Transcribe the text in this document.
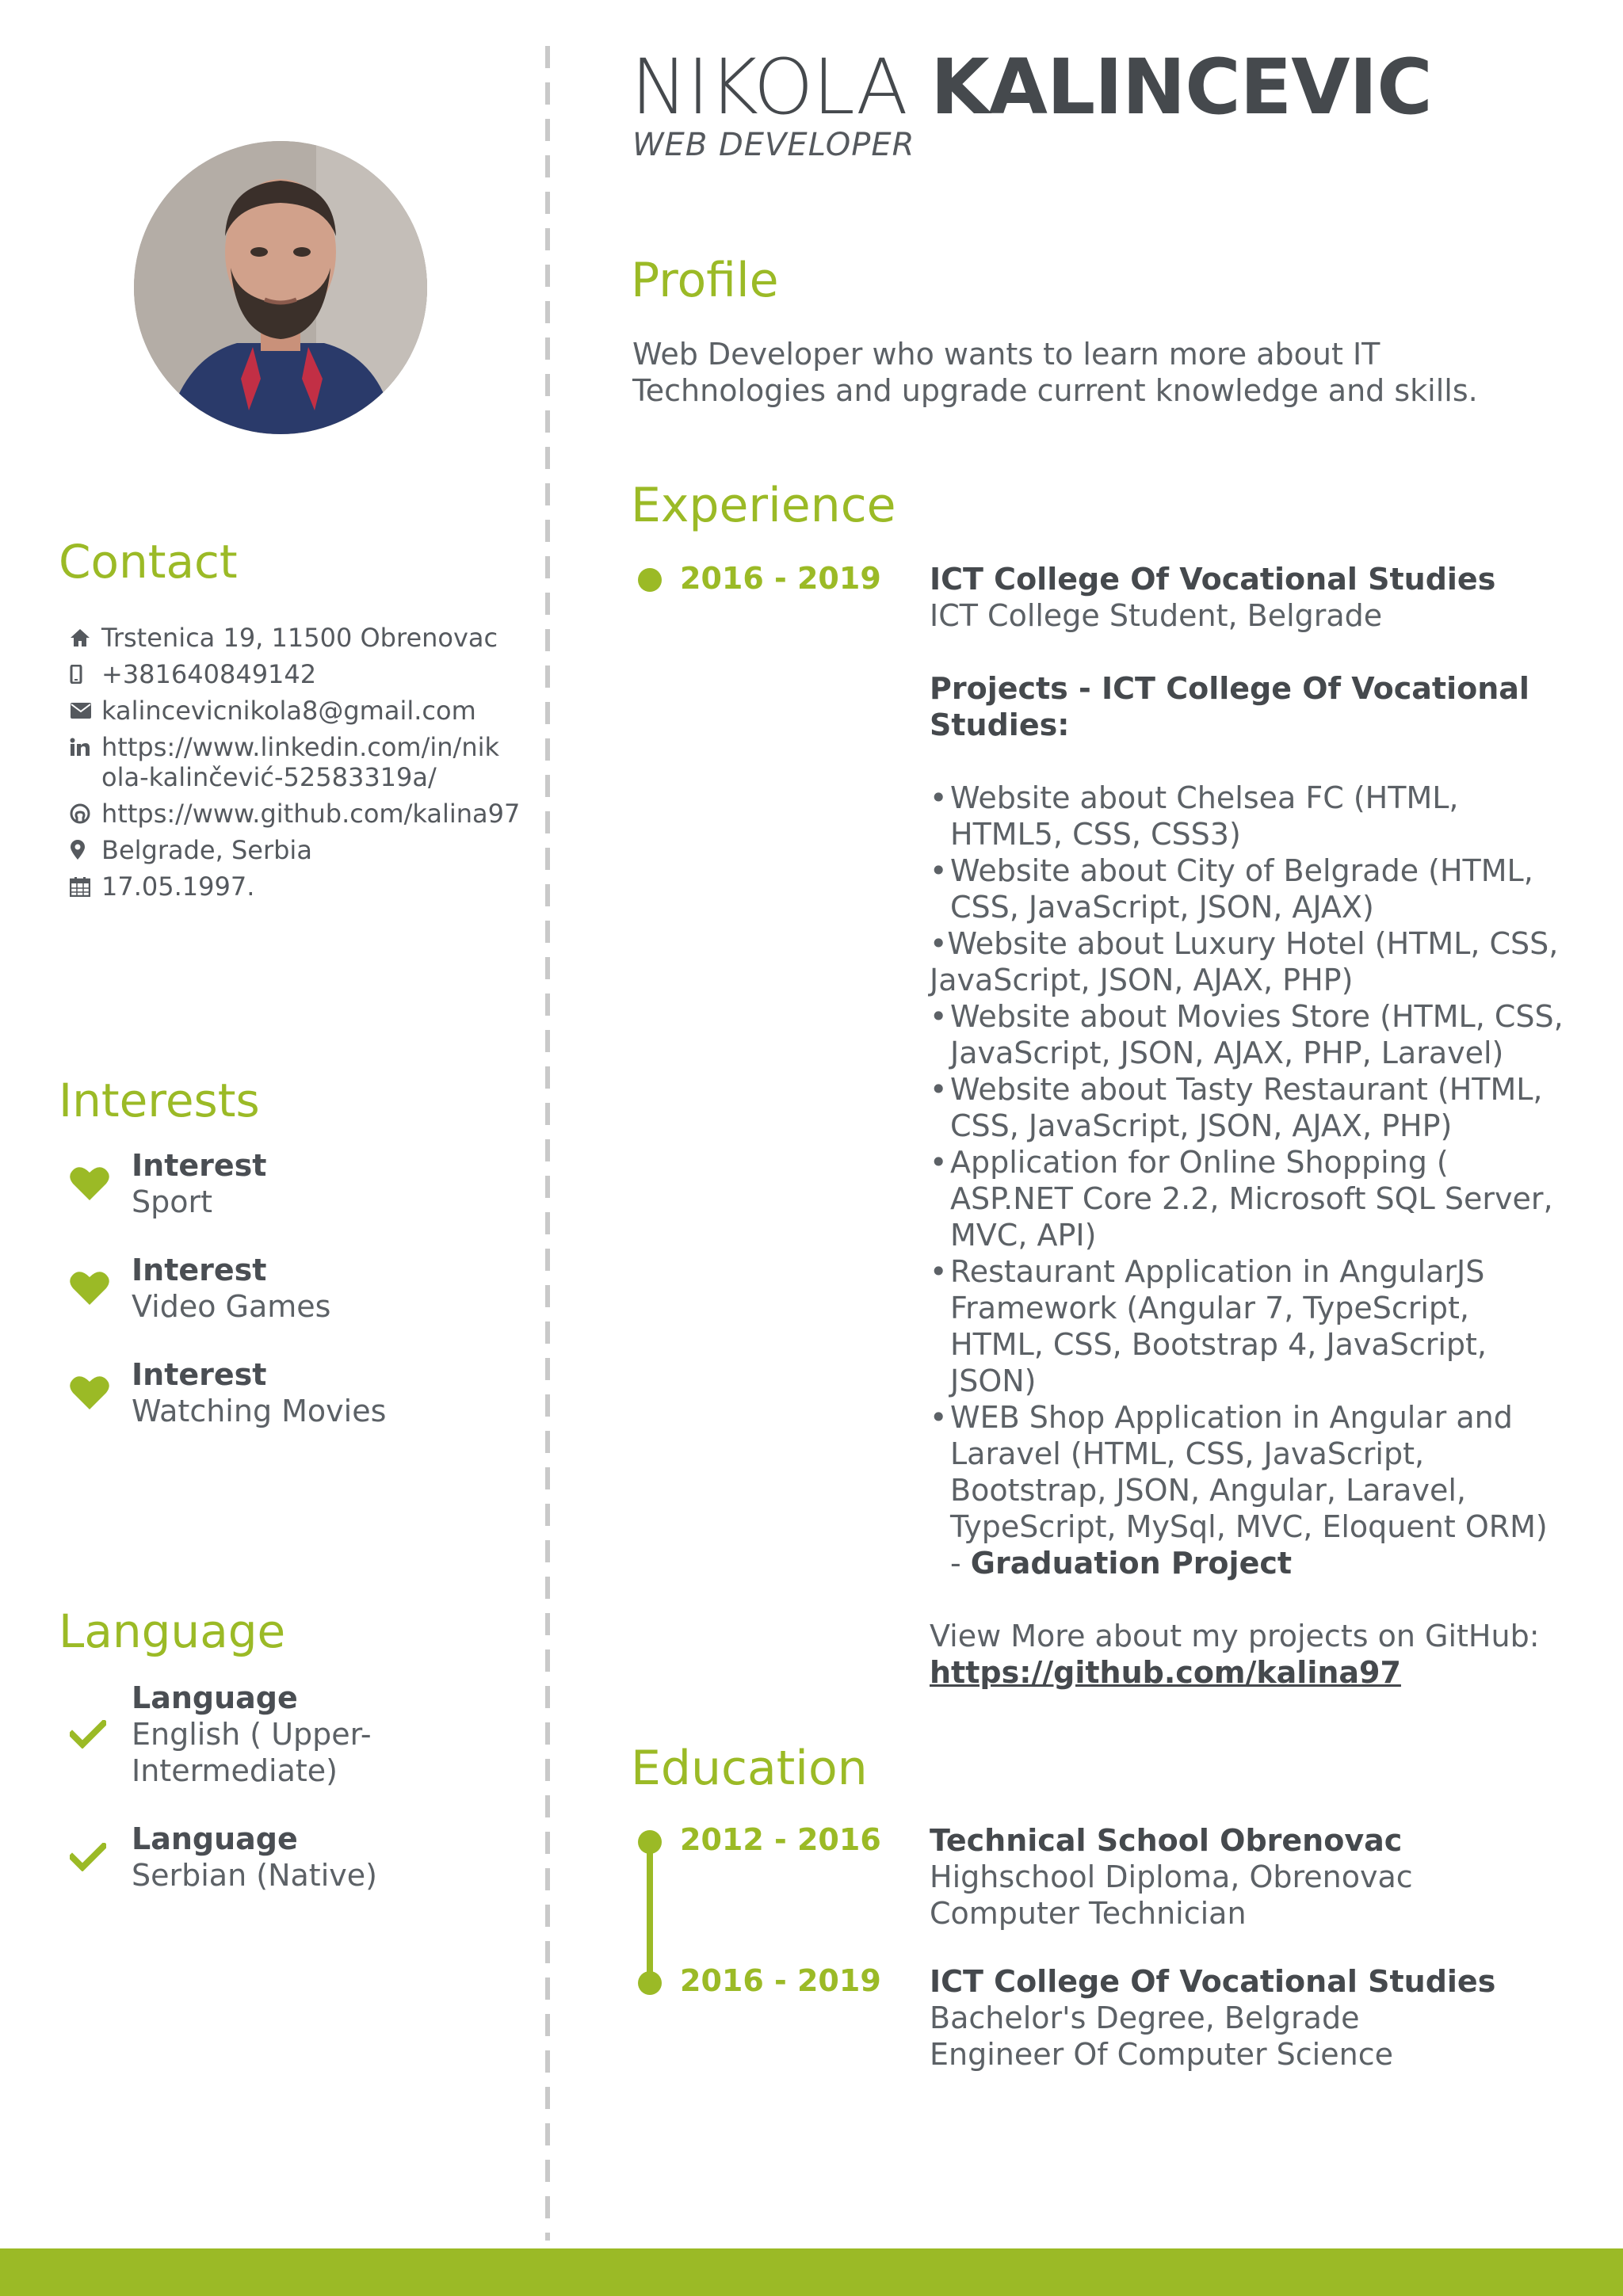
Contact
Trstenica 19, 11500 Obrenovac
+381640849142
kalincevicnikola8@gmail.com
https://www.linkedin.com/in/nikola-kalinčević-52583319a/
https://www.github.com/kalina97
Belgrade, Serbia
17.05.1997.
Interests
Interest
Sport
Interest
Video Games
Interest
Watching Movies
Language
Language
English ( Upper-
Intermediate)
Language
Serbian (Native)
NIKOLA KALINCEVIC
WEB DEVELOPER
Profile

Web Developer who wants to learn more about IT Technologies and upgrade current knowledge and skills.

Experience
2016 - 2019 ICT College Of Vocational Studies

ICT College Student, Belgrade

Projects - ICT College Of Vocational Studies:

• Website about Chelsea FC (HTML, HTML5, CSS, CSS3)
• Website about City of Belgrade (HTML, CSS, JavaScript, JSON, AJAX)
•Website about Luxury Hotel (HTML, CSS, JavaScript, JSON, AJAX, PHP)
• Website about Movies Store (HTML, CSS, JavaScript, JSON, AJAX, PHP, Laravel)
• Website about Tasty Restaurant (HTML, CSS, JavaScript, JSON, AJAX, PHP)
• Application for Online Shopping ( ASP.NET Core 2.2, Microsoft SQL Server, MVC, API)
• Restaurant Application in AngularJS Framework (Angular 7, TypeScript, HTML, CSS, Bootstrap 4, JavaScript, JSON)
• WEB Shop Application in Angular and Laravel (HTML, CSS, JavaScript, Bootstrap, JSON, Angular, Laravel, TypeScript, MySql, MVC, Eloquent ORM) - Graduation Project

View More about my projects on GitHub:

https://github.com/kalina97

Education
2012 - 2016 Technical School Obrenovac

Highschool Diploma, Obrenovac

Computer Technician

2016 - 2019 ICT College Of Vocational Studies

Bachelor's Degree, Belgrade

Engineer Of Computer Science
